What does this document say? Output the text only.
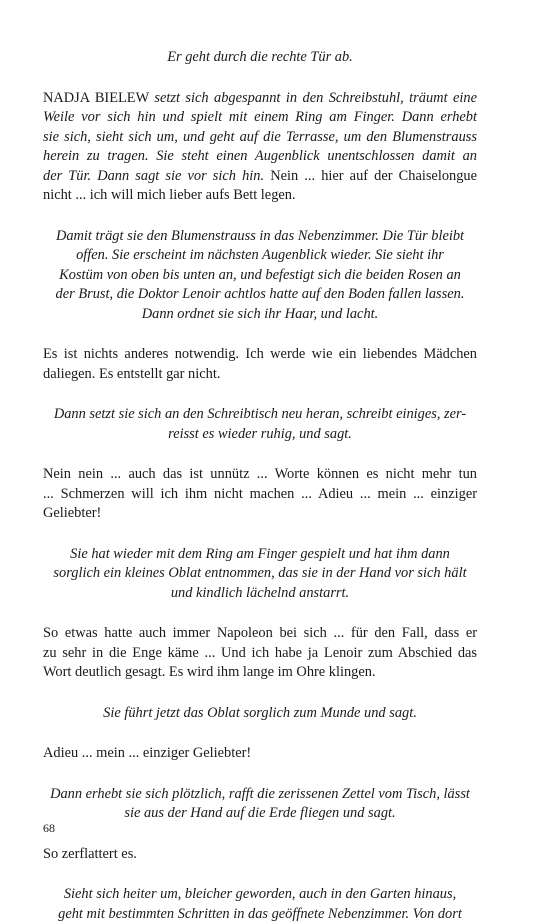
Er geht durch die rechte Tür ab.
NADJA BIELEW setzt sich abgespannt in den Schreibstuhl, träumt eine
Weile vor sich hin und spielt mit einem Ring am Finger. Dann erhebt
sie sich, sieht sich um, und geht auf die Terrasse, um den Blumenstrauss
herein zu tragen. Sie steht einen Augenblick unentschlossen damit an
der Tür. Dann sagt sie vor sich hin. Nein ... hier auf der Chaiselongue
nicht ... ich will mich lieber aufs Bett legen.
Damit trägt sie den Blumenstrauss in das Nebenzimmer. Die Tür bleibt
offen. Sie erscheint im nächsten Augenblick wieder. Sie sieht ihr
Kostüm von oben bis unten an, und befestigt sich die beiden Rosen an
der Brust, die Doktor Lenoir achtlos hatte auf den Boden fallen lassen.
Dann ordnet sie sich ihr Haar, und lacht.
Es ist nichts anderes notwendig. Ich werde wie ein liebendes Mädchen
daliegen. Es entstellt gar nicht.
Dann setzt sie sich an den Schreibtisch neu heran, schreibt einiges, zer-
reisst es wieder ruhig, und sagt.
Nein nein ... auch das ist unnütz ... Worte können es nicht mehr tun
... Schmerzen will ich ihm nicht machen ... Adieu ... mein ... einziger
Geliebter!
Sie hat wieder mit dem Ring am Finger gespielt und hat ihm dann
sorglich ein kleines Oblat entnommen, das sie in der Hand vor sich hält
und kindlich lächelnd anstarrt.
So etwas hatte auch immer Napoleon bei sich ... für den Fall, dass er
zu sehr in die Enge käme ... Und ich habe ja Lenoir zum Abschied das
Wort deutlich gesagt. Es wird ihm lange im Ohre klingen.
Sie führt jetzt das Oblat sorglich zum Munde und sagt.
Adieu ... mein ... einziger Geliebter!
Dann erhebt sie sich plötzlich, rafft die zerissenen Zettel vom Tisch, lässt
sie aus der Hand auf die Erde fliegen und sagt.
So zerflattert es.
Sieht sich heiter um, bleicher geworden, auch in den Garten hinaus,
geht mit bestimmten Schritten in das geöffnete Nebenzimmer. Von dort
68
